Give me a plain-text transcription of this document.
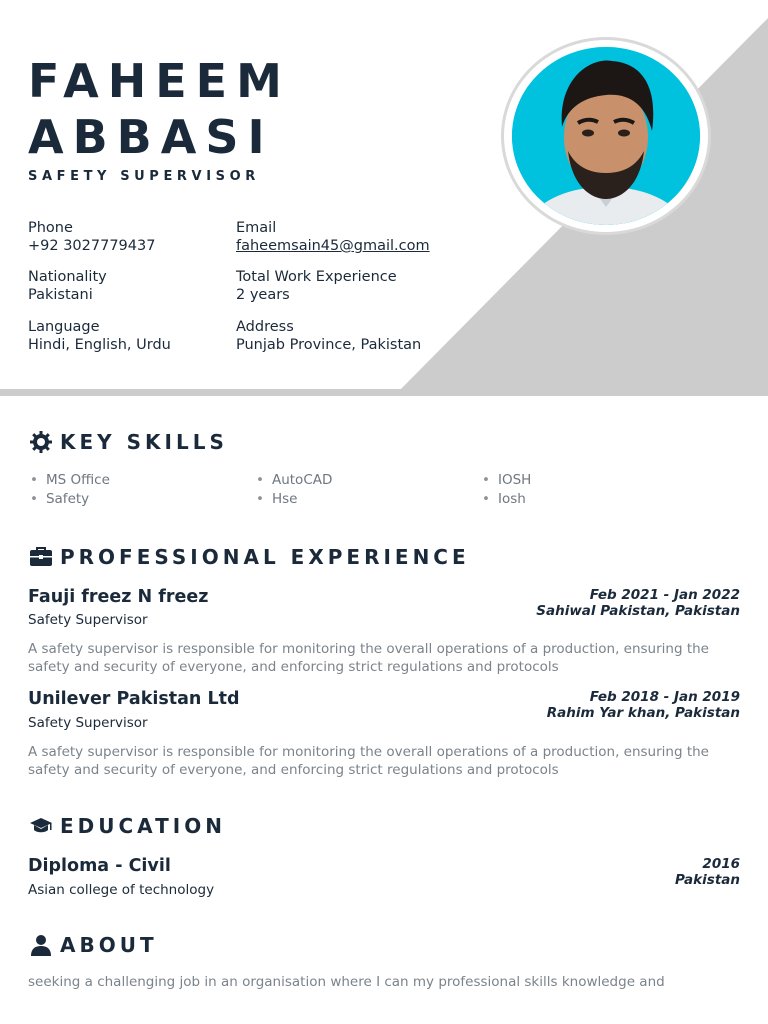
FAHEEM
ABBASI
SAFETY SUPERVISOR
Phone
+92 3027779437
Email
faheemsain45@gmail.com
Nationality
Pakistani
Total Work Experience
2 years
Language
Hindi, English, Urdu
Address
Punjab Province, Pakistan
KEY SKILLS
• MS Office
• Safety
• AutoCAD
• Hse
• IOSH
• Iosh
PROFESSIONAL EXPERIENCE
Fauji freez N freez
Safety Supervisor
Feb 2021 - Jan 2022
Sahiwal Pakistan, Pakistan
A safety supervisor is responsible for monitoring the overall operations of a production, ensuring the safety and security of everyone, and enforcing strict regulations and protocols
Unilever Pakistan Ltd
Safety Supervisor
Feb 2018 - Jan 2019
Rahim Yar khan, Pakistan
A safety supervisor is responsible for monitoring the overall operations of a production, ensuring the safety and security of everyone, and enforcing strict regulations and protocols
EDUCATION
Diploma - Civil
Asian college of technology
2016
Pakistan
ABOUT
seeking a challenging job in an organisation where I can my professional skills knowledge and
